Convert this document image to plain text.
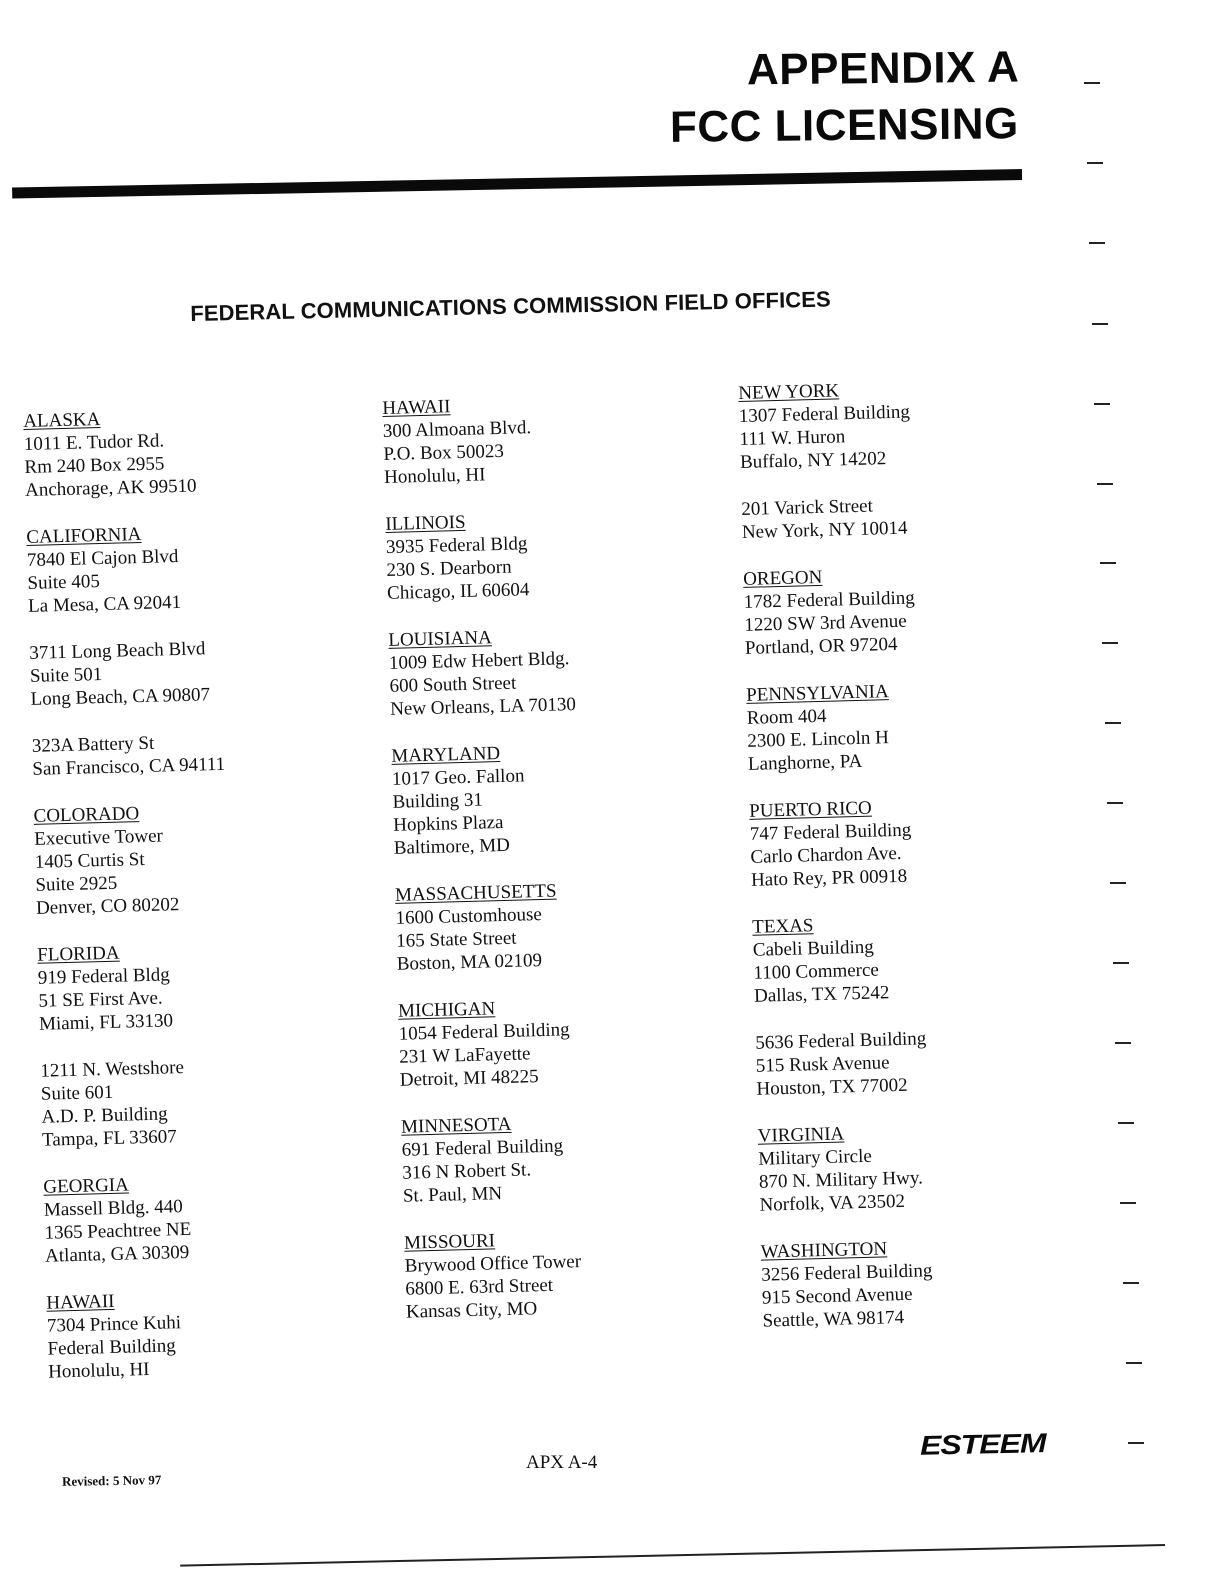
APPENDIX A
FCC LICENSING
FEDERAL COMMUNICATIONS COMMISSION FIELD OFFICES
ALASKA
1011 E. Tudor Rd.
Rm 240 Box 2955
Anchorage, AK 99510
CALIFORNIA
7840 El Cajon Blvd
Suite 405
La Mesa, CA 92041
3711 Long Beach Blvd
Suite 501
Long Beach, CA 90807
323A Battery St
San Francisco, CA 94111
COLORADO
Executive Tower
1405 Curtis St
Suite 2925
Denver, CO 80202
FLORIDA
919 Federal Bldg
51 SE First Ave.
Miami, FL 33130
1211 N. Westshore
Suite 601
A.D. P. Building
Tampa, FL 33607
GEORGIA
Massell Bldg. 440
1365 Peachtree NE
Atlanta, GA 30309
HAWAII
7304 Prince Kuhi
Federal Building
Honolulu, HI
HAWAII
300 Almoana Blvd.
P.O. Box 50023
Honolulu, HI
ILLINOIS
3935 Federal Bldg
230 S. Dearborn
Chicago, IL 60604
LOUISIANA
1009 Edw Hebert Bldg.
600 South Street
New Orleans, LA 70130
MARYLAND
1017 Geo. Fallon
Building 31
Hopkins Plaza
Baltimore, MD
MASSACHUSETTS
1600 Customhouse
165 State Street
Boston, MA 02109
MICHIGAN
1054 Federal Building
231 W LaFayette
Detroit, MI 48225
MINNESOTA
691 Federal Building
316 N Robert St.
St. Paul, MN
MISSOURI
Brywood Office Tower
6800 E. 63rd Street
Kansas City, MO
NEW YORK
1307 Federal Building
111 W. Huron
Buffalo, NY 14202
201 Varick Street
New York, NY 10014
OREGON
1782 Federal Building
1220 SW 3rd Avenue
Portland, OR 97204
PENNSYLVANIA
Room 404
2300 E. Lincoln H
Langhorne, PA
PUERTO RICO
747 Federal Building
Carlo Chardon Ave.
Hato Rey, PR 00918
TEXAS
Cabeli Building
1100 Commerce
Dallas, TX 75242
5636 Federal Building
515 Rusk Avenue
Houston, TX 77002
VIRGINIA
Military Circle
870 N. Military Hwy.
Norfolk, VA 23502
WASHINGTON
3256 Federal Building
915 Second Avenue
Seattle, WA 98174
APX A-4
Revised: 5 Nov 97
ESTEEM
